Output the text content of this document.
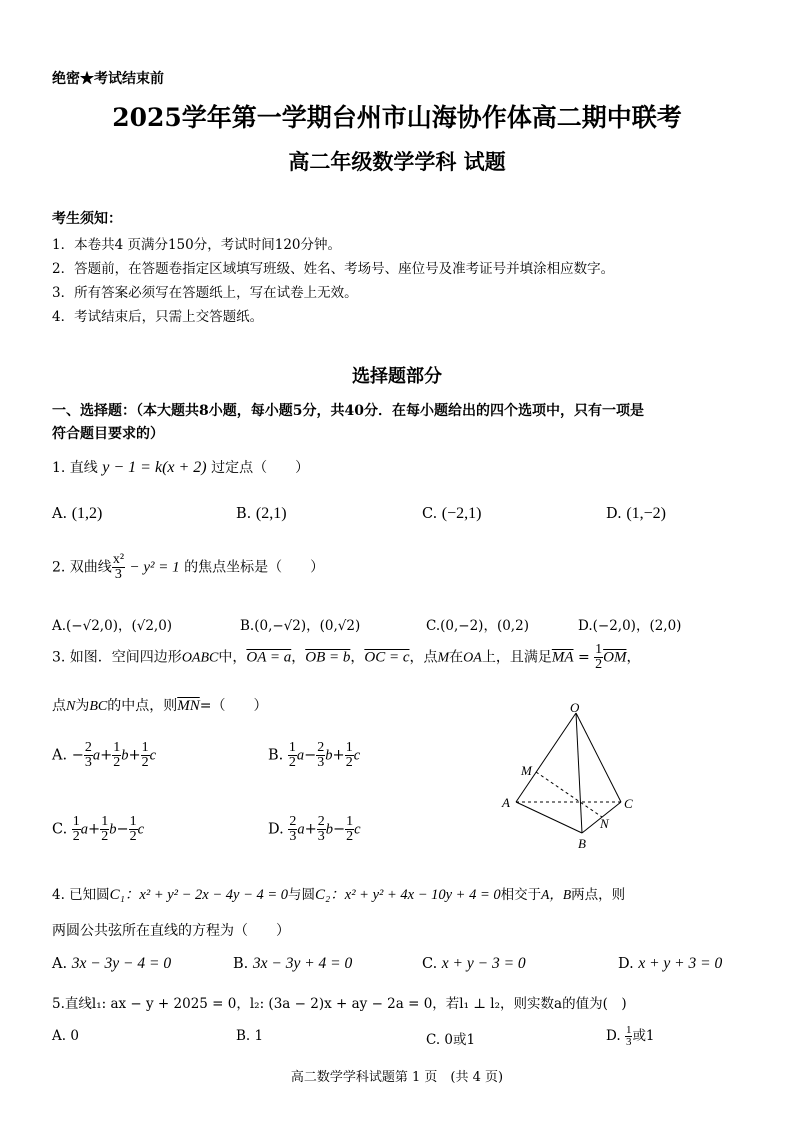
绝密★考试结束前
2025学年第一学期台州市山海协作体高二期中联考
高二年级数学学科 试题
考生须知：
1．本卷共4 页满分150分，考试时间120分钟。
2．答题前，在答题卷指定区域填写班级、姓名、考场号、座位号及准考证号并填涂相应数字。
3．所有答案必须写在答题纸上，写在试卷上无效。
4．考试结束后，只需上交答题纸。
选择题部分
一、选择题：（本大题共8小题，每小题5分，共40分．在每小题给出的四个选项中，只有一项是
符合题目要求的）
1. 直线 y − 1 = k(x + 2) 过定点（　　）
A. (1,2)	B. (2,1)	C. (−2,1)	D. (1,−2)
2. 双曲线 $\frac{\text{x²}}{3} - y^2 = 1$ 的焦点坐标是（　　）
A.(−√2,0)，(√2,0)	B.(0,−√2)，(0,√2)	C.(0,−2)，(0,2)	D.(−2,0)，(2,0)
3. 如图．空间四边形OABC中，OA = a，OB = b，OC = c，点M在OA上，且满足$\overline{MA} = \frac{1}{2} \overline{OM}$，
点N为BC的中点，则$\overline{MN}=$（　　）
A. − $\frac{2}{3} a+ \frac{1}{2} b+ \frac{1}{2}$ c	B. $\frac{1}{2} a- \frac{2}{3} b+ \frac{1}{2}$ c
C. $\frac{1}{2} a+ \frac{1}{2} b- \frac{1}{2}$ c	D. $\frac{2}{3} a+ \frac{2}{3} b- \frac{1}{2}$ c
O
M
A	C
N
B
4. 已知圆C₁：x² + y² − 2x − 4y − 4 = 0与圆C₂：x² + y² + 4x − 10y + 4 = 0相交于A，B两点，则
两圆公共弦所在直线的方程为（　　）
A. 3x − 3y − 4 = 0	B. 3x − 3y + 4 = 0	C. x + y − 3 = 0	D. x + y + 3 = 0
5.直线l₁: ax − y + 2025 = 0，l₂: (3a − 2)x + ay − 2a = 0，若l₁ ⊥ l₂，则实数a的值为(　)
A. 0	B. 1	C. 0或1	D. $\frac{1}{3}$ 或1
高二数学学科试题第 1 页　(共 4 页)
